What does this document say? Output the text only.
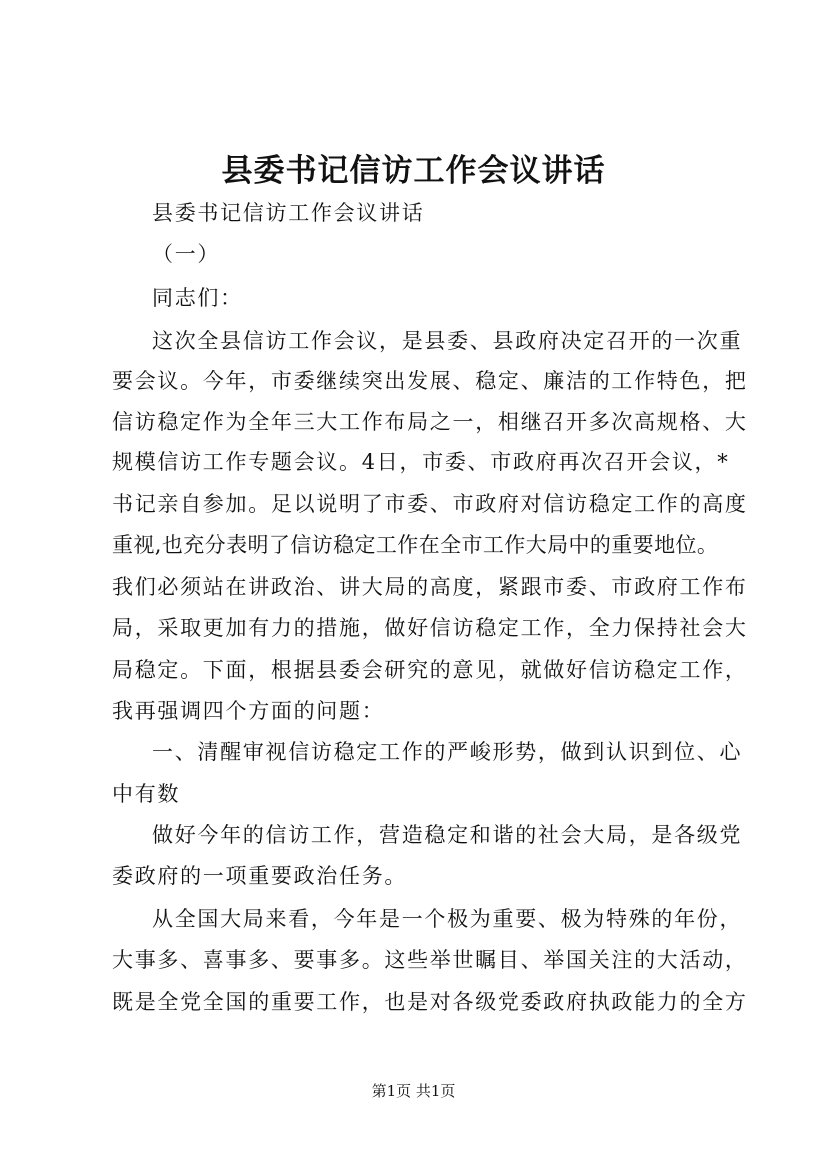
县委书记信访工作会议讲话
县委书记信访工作会议讲话
（一）
同志们：
这次全县信访工作会议，是县委、县政府决定召开的一次重
要会议。今年，市委继续突出发展、稳定、廉洁的工作特色，把
信访稳定作为全年三大工作布局之一，相继召开多次高规格、大
规模信访工作专题会议。4日，市委、市政府再次召开会议，*
书记亲自参加。足以说明了市委、市政府对信访稳定工作的高度
重视,也充分表明了信访稳定工作在全市工作大局中的重要地位。
我们必须站在讲政治、讲大局的高度，紧跟市委、市政府工作布
局，采取更加有力的措施，做好信访稳定工作，全力保持社会大
局稳定。下面，根据县委会研究的意见，就做好信访稳定工作，
我再强调四个方面的问题：
一、清醒审视信访稳定工作的严峻形势，做到认识到位、心
中有数
做好今年的信访工作，营造稳定和谐的社会大局，是各级党
委政府的一项重要政治任务。
从全国大局来看，今年是一个极为重要、极为特殊的年份，
大事多、喜事多、要事多。这些举世瞩目、举国关注的大活动，
既是全党全国的重要工作，也是对各级党委政府执政能力的全方
第1页 共1页
